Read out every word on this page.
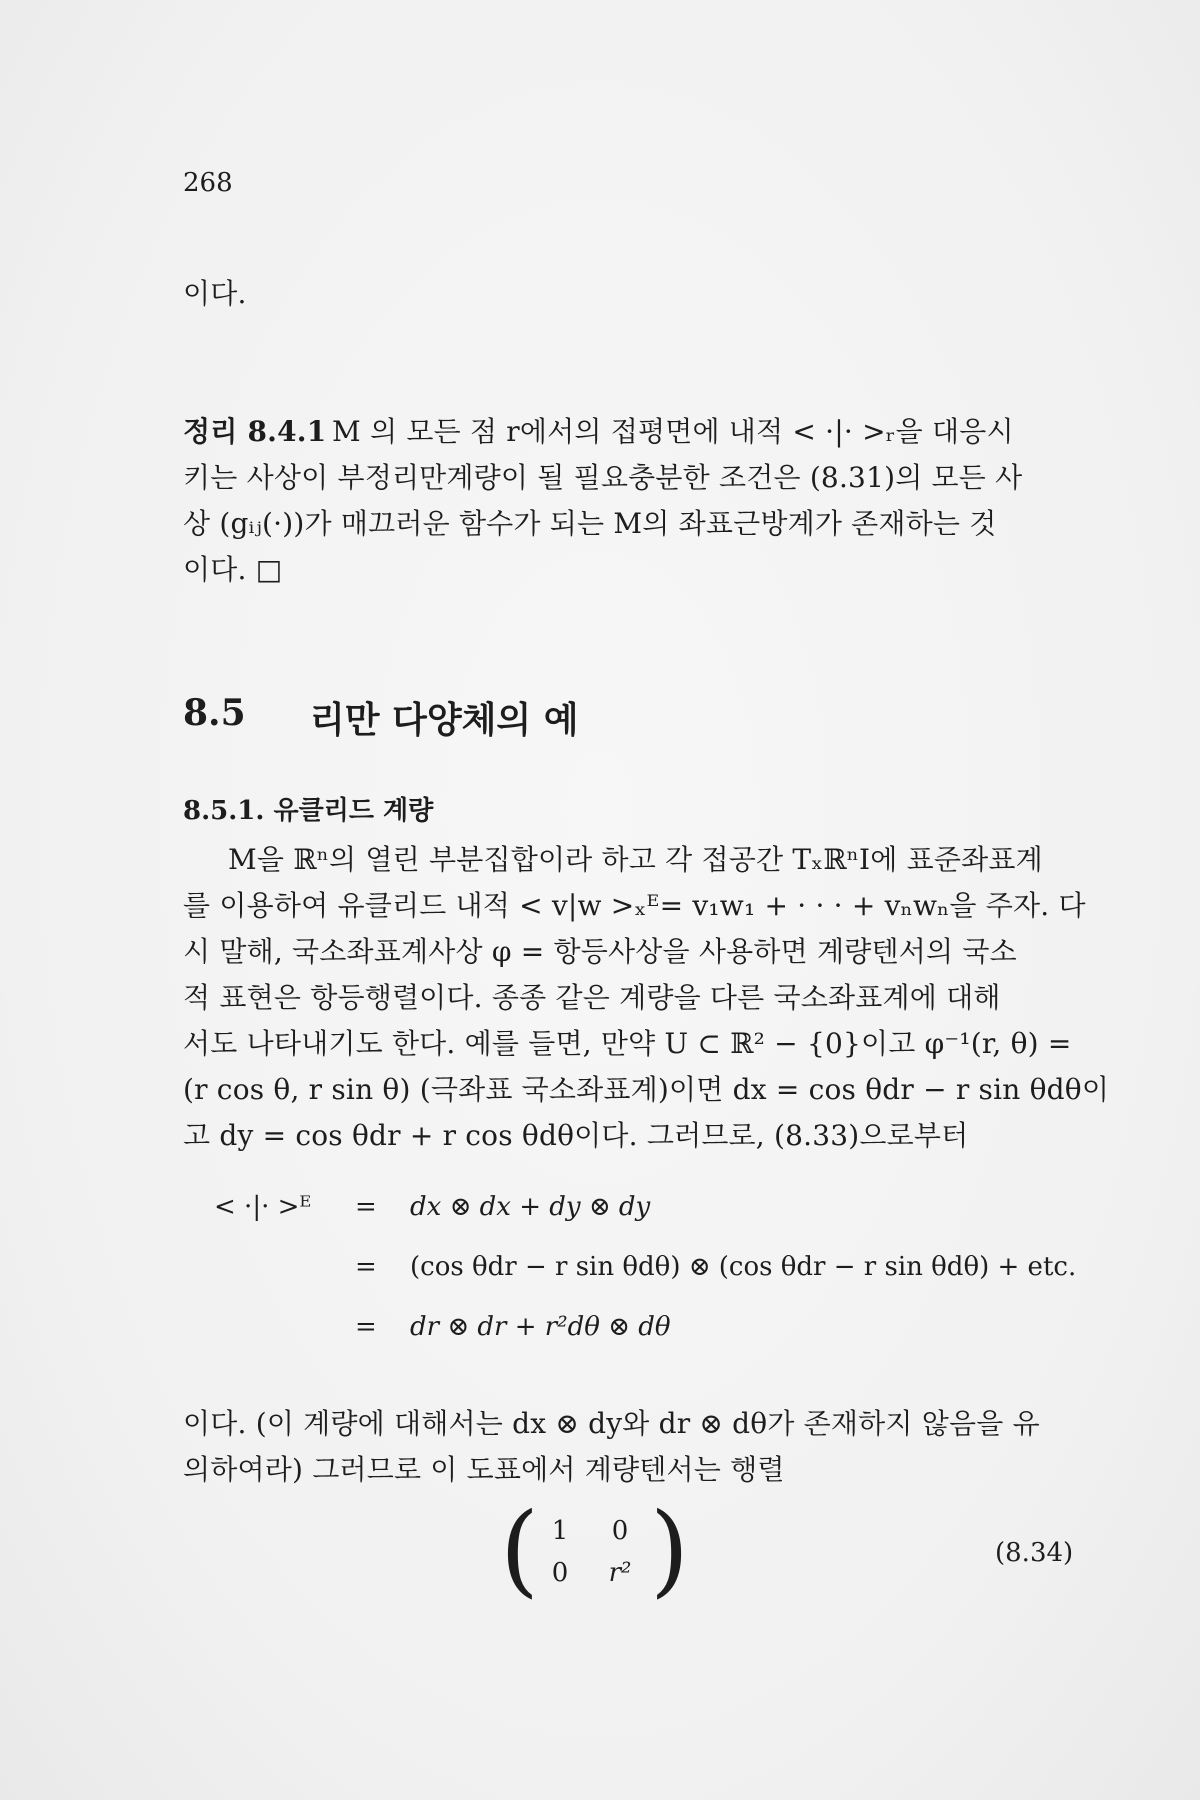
268
이다.
정리 8.4.1 M 의 모든 점 r에서의 접평면에 내적 < ·|· >ᵣ을 대응시
키는 사상이 부정리만계량이 될 필요충분한 조건은 (8.31)의 모든 사
상 (gᵢⱼ(·))가 매끄러운 함수가 되는 M의 좌표근방계가 존재하는 것
이다. □
8.5 리만 다양체의 예
8.5.1. 유클리드 계량
M을 ℝⁿ의 열린 부분집합이라 하고 각 접공간 TₓℝⁿI에 표준좌표계
를 이용하여 유클리드 내적 < v|w >ₓᴱ= v₁w₁ + · · · + vₙwₙ을 주자. 다
시 말해, 국소좌표계사상 φ = 항등사상을 사용하면 계량텐서의 국소
적 표현은 항등행렬이다. 종종 같은 계량을 다른 국소좌표계에 대해
서도 나타내기도 한다. 예를 들면, 만약 U ⊂ ℝ² − {0}이고 φ⁻¹(r, θ) =
(r cos θ, r sin θ) (극좌표 국소좌표계)이면 dx = cos θdr − r sin θdθ이
고 dy = cos θdr + r cos θdθ이다. 그러므로, (8.33)으로부터
< ·|· >ᴱ = dx ⊗ dx + dy ⊗ dy
= (cos θdr − r sin θdθ) ⊗ (cos θdr − r sin θdθ) + etc.
= dr ⊗ dr + r²dθ ⊗ dθ
이다. (이 계량에 대해서는 dx ⊗ dy와 dr ⊗ dθ가 존재하지 않음을 유
의하여라) 그러므로 이 도표에서 계량텐서는 행렬
( 1	0
0	r² )	(8.34)
